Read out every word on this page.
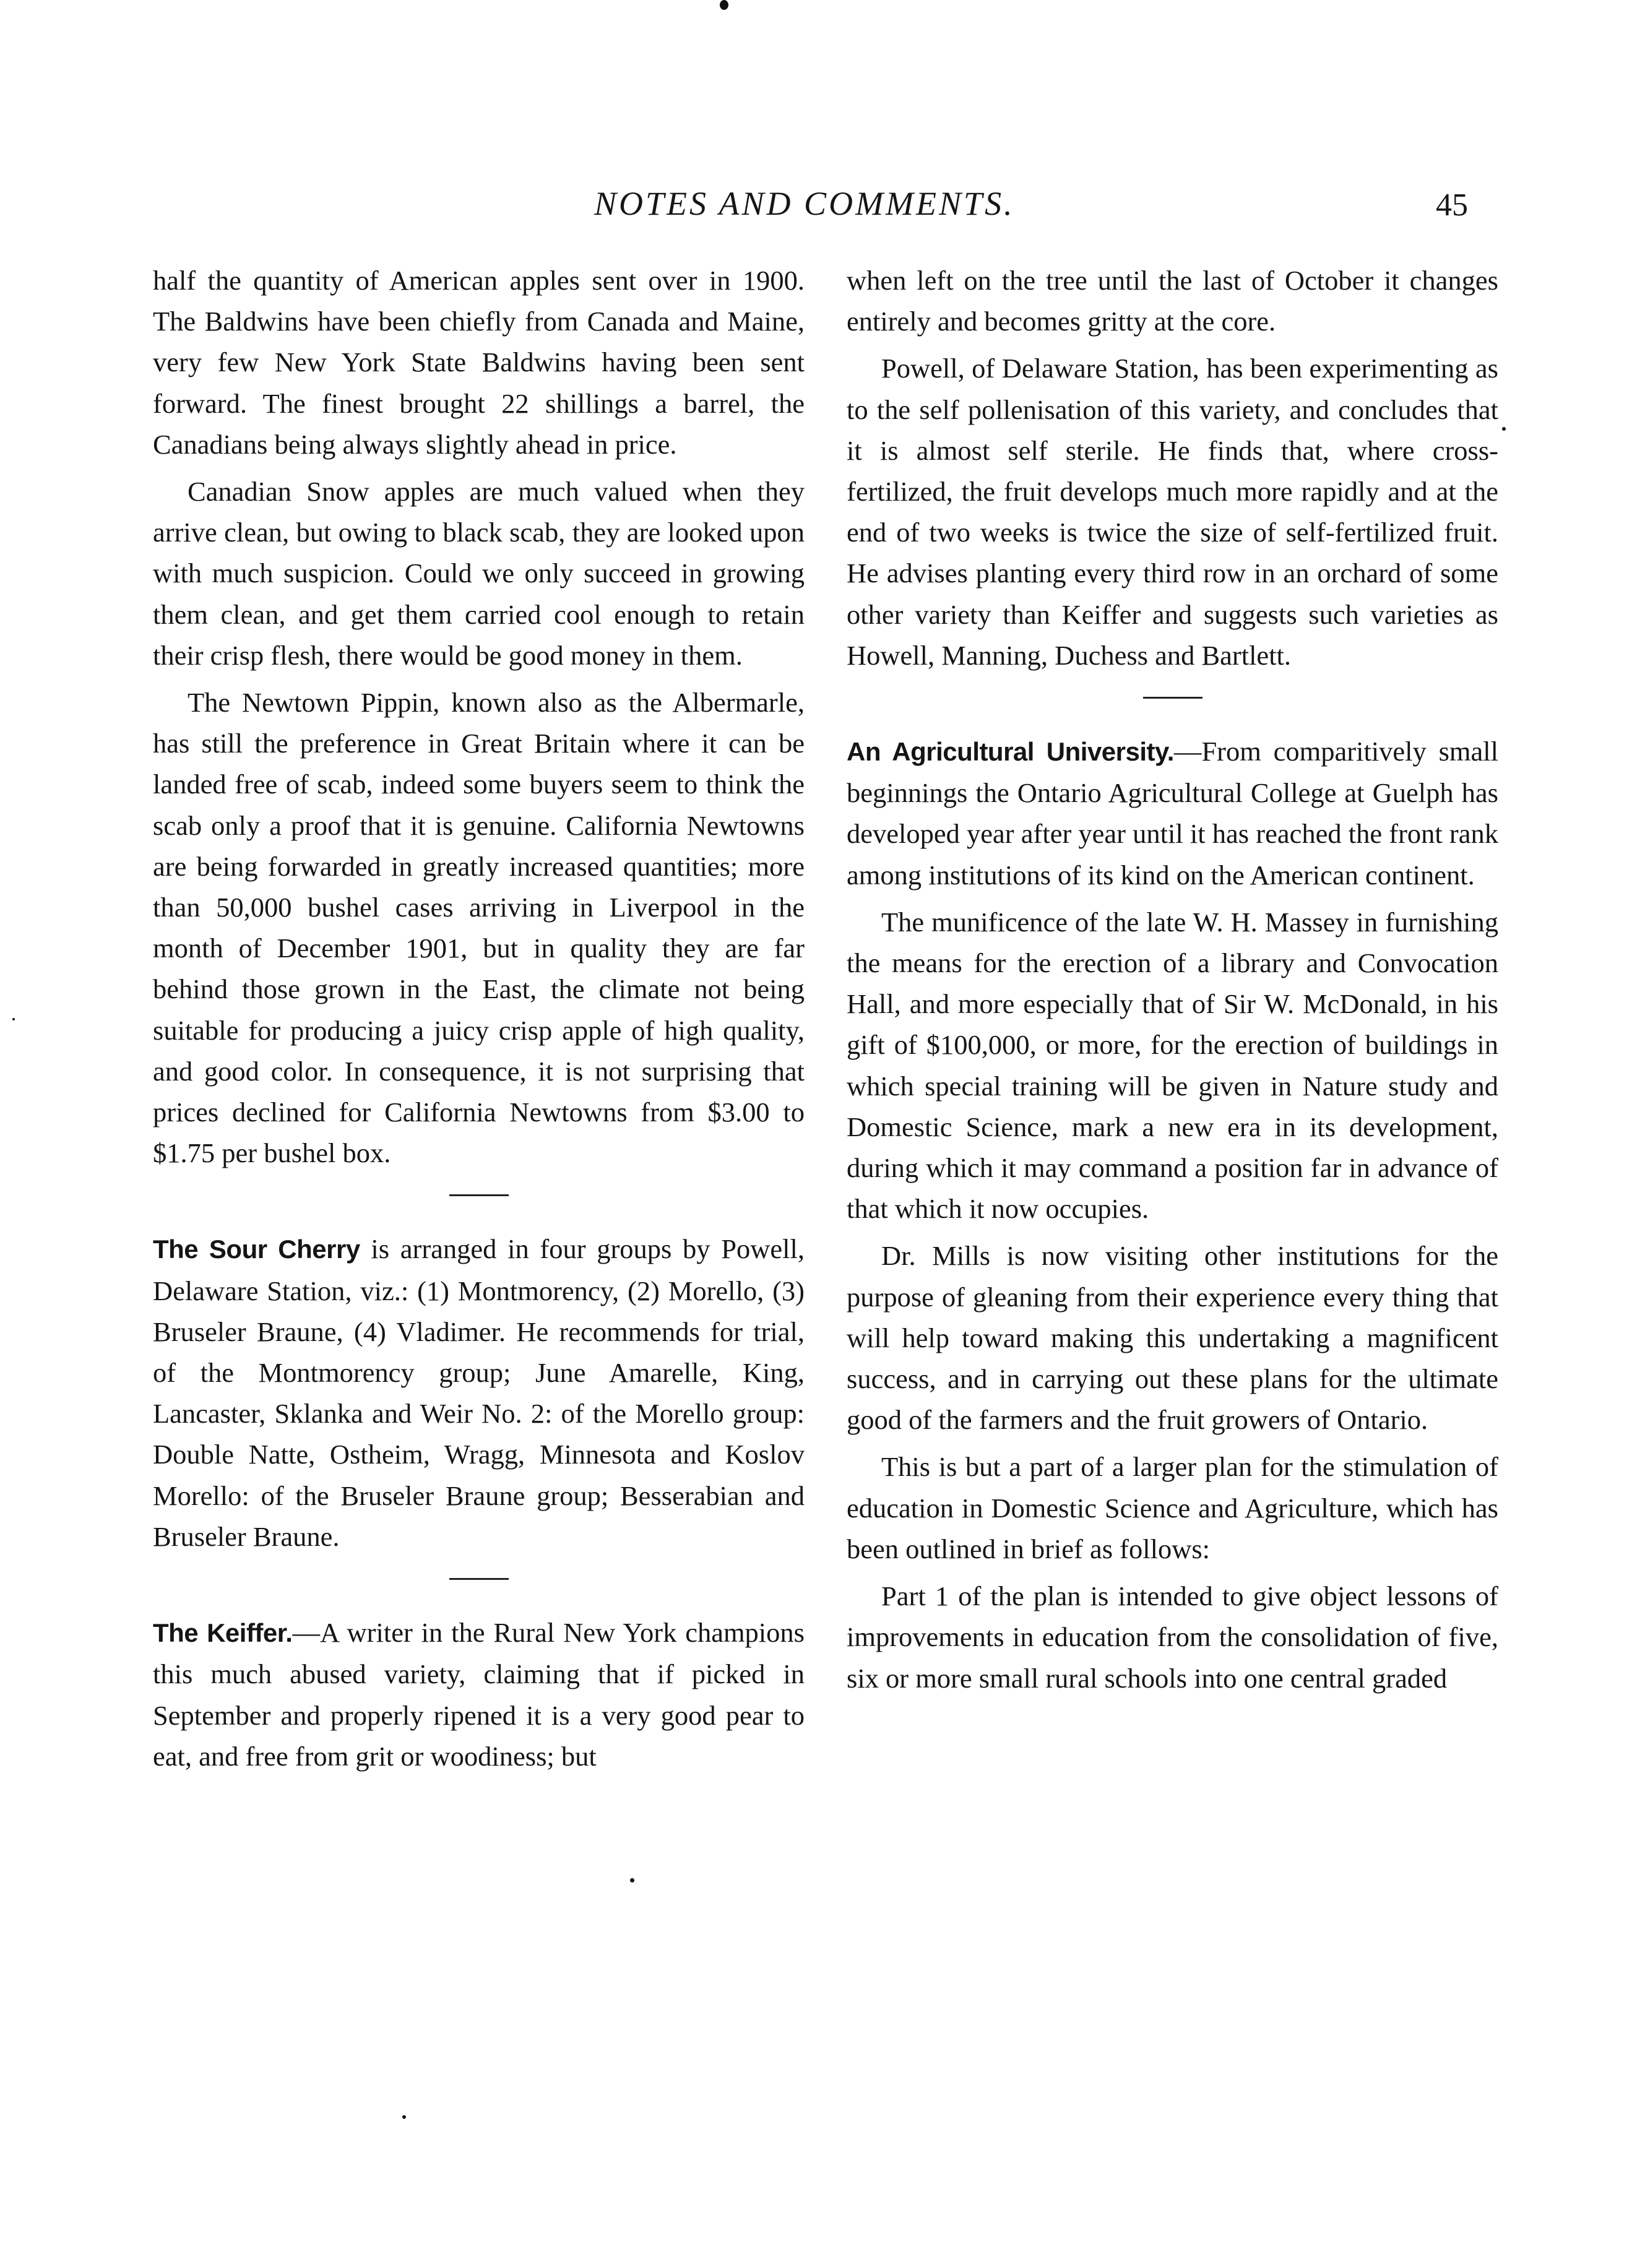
NOTES AND COMMENTS.	45

half the quantity of American apples sent over in 1900. The Baldwins have been chiefly from Canada and Maine, very few New York State Baldwins having been sent forward. The finest brought 22 shillings a barrel, the Canadians being always slightly ahead in price.

Canadian Snow apples are much valued when they arrive clean, but owing to black scab, they are looked upon with much suspicion. Could we only succeed in growing them clean, and get them carried cool enough to retain their crisp flesh, there would be good money in them.

The Newtown Pippin, known also as the Albermarle, has still the preference in Great Britain where it can be landed free of scab, indeed some buyers seem to think the scab only a proof that it is genuine. California Newtowns are being forwarded in greatly increased quantities; more than 50,000 bushel cases arriving in Liverpool in the month of December 1901, but in quality they are far behind those grown in the East, the climate not being suitable for producing a juicy crisp apple of high quality, and good color. In consequence, it is not surprising that prices declined for California Newtowns from $3.00 to $1.75 per bushel box.

The Sour Cherry is arranged in four groups by Powell, Delaware Station, viz.: (1) Montmorency, (2) Morello, (3) Bruseler Braune, (4) Vladimer. He recommends for trial, of the Montmorency group; June Amarelle, King, Lancaster, Sklanka and Weir No. 2: of the Morello group: Double Natte, Ostheim, Wragg, Minnesota and Koslov Morello: of the Bruseler Braune group; Besserabian and Bruseler Braune.

The Keiffer.—A writer in the Rural New York champions this much abused variety, claiming that if picked in September and properly ripened it is a very good pear to eat, and free from grit or woodiness; but

when left on the tree until the last of October it changes entirely and becomes gritty at the core.

Powell, of Delaware Station, has been experimenting as to the self pollenisation of this variety, and concludes that it is almost self sterile. He finds that, where cross-fertilized, the fruit develops much more rapidly and at the end of two weeks is twice the size of self-fertilized fruit. He advises planting every third row in an orchard of some other variety than Keiffer and suggests such varieties as Howell, Manning, Duchess and Bartlett.

An Agricultural University.—From comparitively small beginnings the Ontario Agricultural College at Guelph has developed year after year until it has reached the front rank among institutions of its kind on the American continent.

The munificence of the late W. H. Massey in furnishing the means for the erection of a library and Convocation Hall, and more especially that of Sir W. McDonald, in his gift of $100,000, or more, for the erection of buildings in which special training will be given in Nature study and Domestic Science, mark a new era in its development, during which it may command a position far in advance of that which it now occupies.

Dr. Mills is now visiting other institutions for the purpose of gleaning from their experience every thing that will help toward making this undertaking a magnificent success, and in carrying out these plans for the ultimate good of the farmers and the fruit growers of Ontario.

This is but a part of a larger plan for the stimulation of education in Domestic Science and Agriculture, which has been outlined in brief as follows:

Part 1 of the plan is intended to give object lessons of improvements in education from the consolidation of five, six or more small rural schools into one central graded
